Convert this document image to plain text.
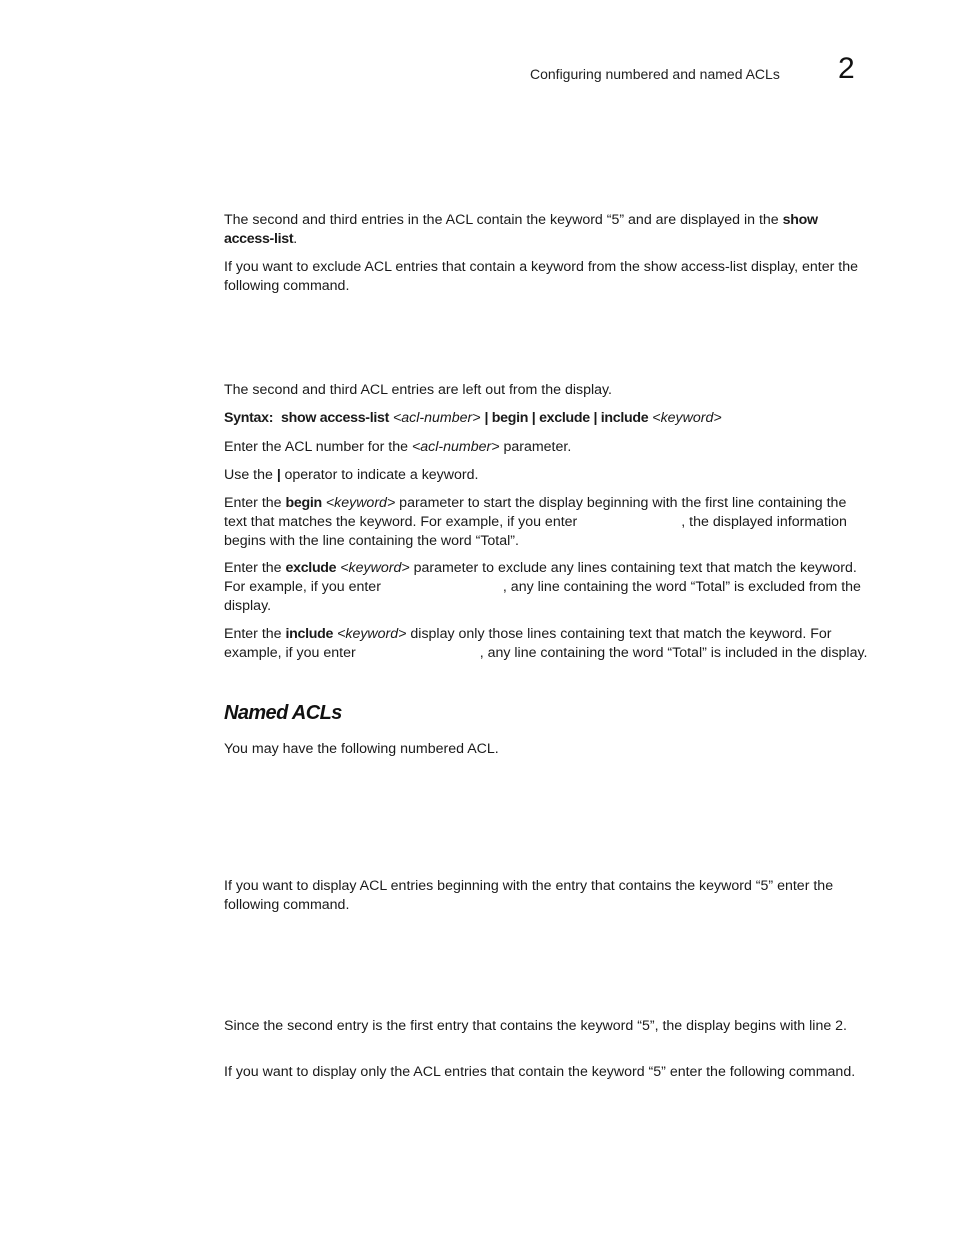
Configuring numbered and named ACLs 2

The second and third entries in the ACL contain the keyword “5” and are displayed in the show access-list.

If you want to exclude ACL entries that contain a keyword from the show access-list display, enter the following command.

The second and third ACL entries are left out from the display.

Syntax: show access-list <acl-number> | begin | exclude | include <keyword>

Enter the ACL number for the <acl-number> parameter.

Use the | operator to indicate a keyword.

Enter the begin <keyword> parameter to start the display beginning with the first line containing the text that matches the keyword. For example, if you enter	, the displayed information begins with the line containing the word “Total”.

Enter the exclude <keyword> parameter to exclude any lines containing text that match the keyword. For example, if you enter	, any line containing the word “Total” is excluded from the display.

Enter the include <keyword> display only those lines containing text that match the keyword. For example, if you enter	, any line containing the word “Total” is included in the display.

Named ACLs

You may have the following numbered ACL.

If you want to display ACL entries beginning with the entry that contains the keyword “5” enter the following command.

Since the second entry is the first entry that contains the keyword “5”, the display begins with line 2.

If you want to display only the ACL entries that contain the keyword “5” enter the following command.
